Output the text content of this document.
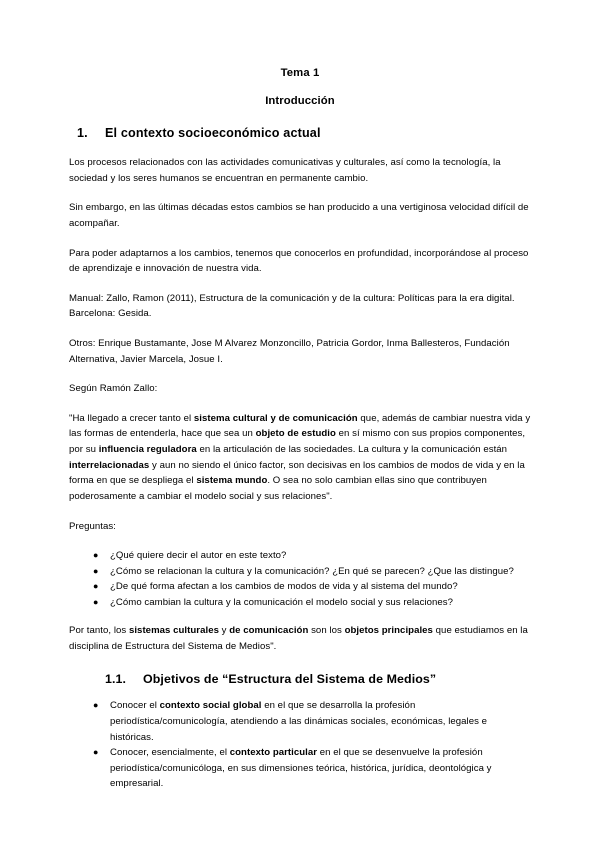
Tema 1
Introducción
1.	El contexto socioeconómico actual

Los procesos relacionados con las actividades comunicativas y culturales, así como la tecnología, la sociedad y los seres humanos se encuentran en permanente cambio.

Sin embargo, en las últimas décadas estos cambios se han producido a una vertiginosa velocidad difícil de acompañar.

Para poder adaptarnos a los cambios, tenemos que conocerlos en profundidad, incorporándose al proceso de aprendizaje e innovación de nuestra vida.

Manual: Zallo, Ramon (2011), Estructura de la comunicación y de la cultura: Políticas para la era digital. Barcelona: Gesida.

Otros: Enrique Bustamante, Jose M Alvarez Monzoncillo, Patricia Gordor, Inma Ballesteros, Fundación Alternativa, Javier Marcela, Josue I.

Según Ramón Zallo:

"Ha llegado a crecer tanto el sistema cultural y de comunicación que, además de cambiar nuestra vida y las formas de entenderla, hace que sea un objeto de estudio en sí mismo con sus propios componentes, por su influencia reguladora en la articulación de las sociedades. La cultura y la comunicación están interrelacionadas y aun no siendo el único factor, son decisivas en los cambios de modos de vida y en la forma en que se despliega el sistema mundo. O sea no solo cambian ellas sino que contribuyen poderosamente a cambiar el modelo social y sus relaciones".

Preguntas:

● ¿Qué quiere decir el autor en este texto?
● ¿Cómo se relacionan la cultura y la comunicación? ¿En qué se parecen? ¿Que las distingue?
● ¿De qué forma afectan a los cambios de modos de vida y al sistema del mundo?
● ¿Cómo cambian la cultura y la comunicación el modelo social y sus relaciones?

Por tanto, los sistemas culturales y de comunicación son los objetos principales que estudiamos en la disciplina de Estructura del Sistema de Medios".

1.1.	Objetivos de “Estructura del Sistema de Medios”
● Conocer el contexto social global en el que se desarrolla la profesión periodística/comunicología, atendiendo a las dinámicas sociales, económicas, legales e históricas.
● Conocer, esencialmente, el contexto particular en el que se desenvuelve la profesión periodística/comunicóloga, en sus dimensiones teórica, histórica, jurídica, deontológica y empresarial.
